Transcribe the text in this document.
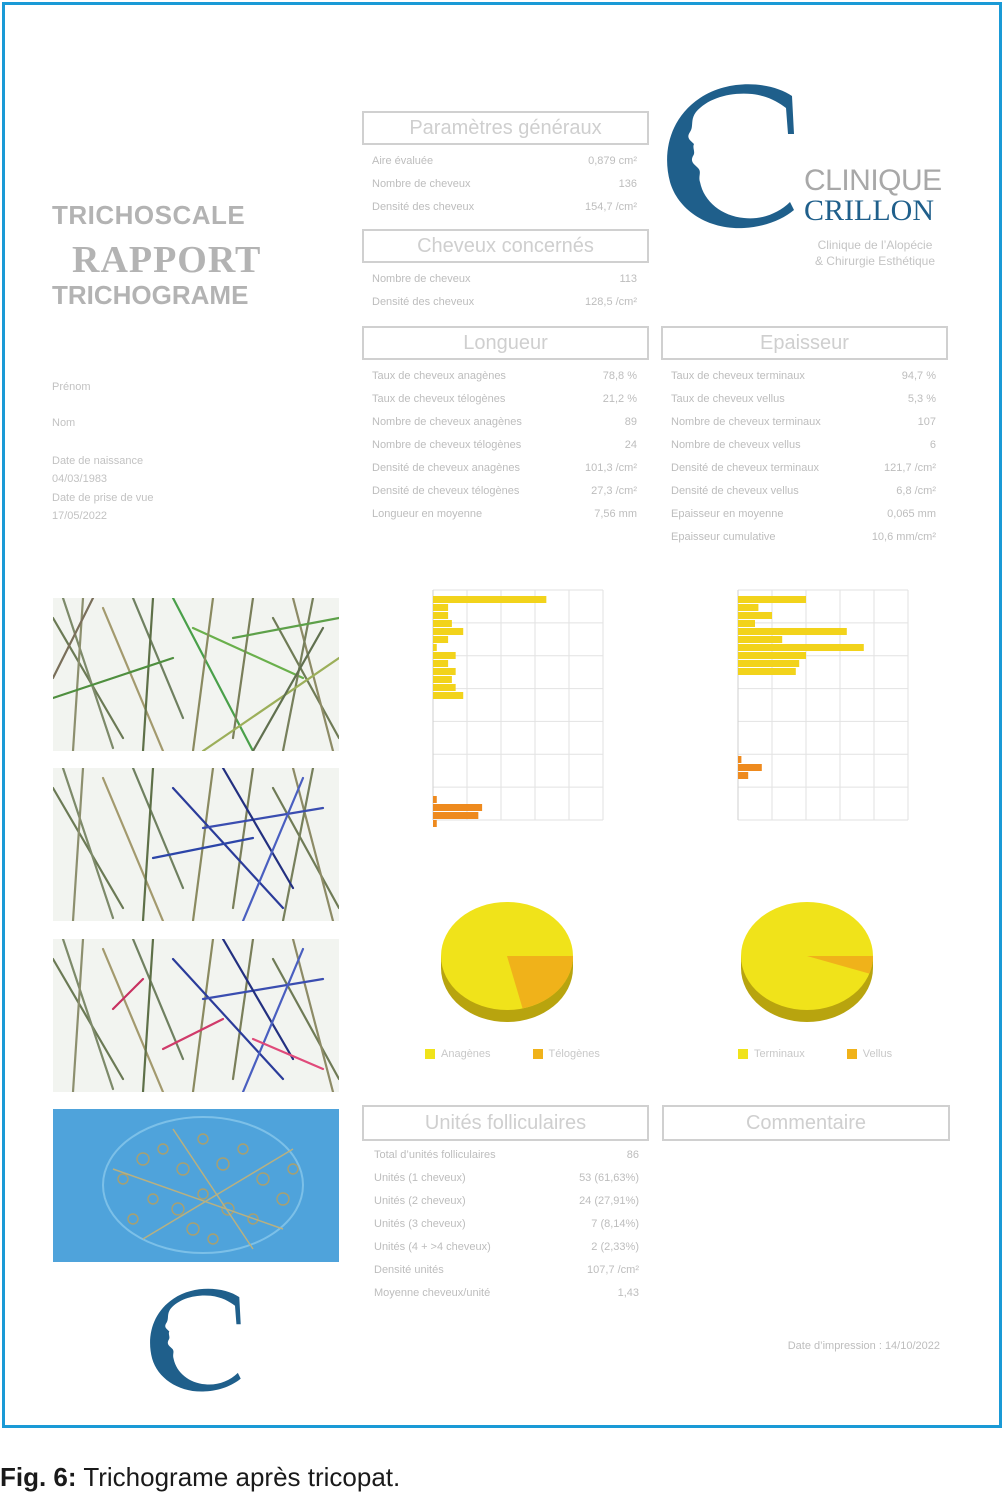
TRICHOSCALE
RAPPORT
TRICHOGRAME
Prénom
Nom
Date de naissance
04/03/1983
Date de prise de vue
17/05/2022
CLINIQUE
CRILLON
Clinique de l’Alopécie
& Chirurgie Esthétique
Paramètres généraux
Aire évaluée	0,879 cm²
Nombre de cheveux	136
Densité des cheveux	154,7 /cm²
Cheveux concernés
Nombre de cheveux	113
Densité des cheveux	128,5 /cm²
Longueur
Taux de cheveux anagènes	78,8 %
Taux de cheveux télogènes	21,2 %
Nombre de cheveux anagènes	89
Nombre de cheveux télogènes	24
Densité de cheveux anagènes	101,3 /cm²
Densité de cheveux télogènes	27,3 /cm²
Longueur en moyenne	7,56 mm
Epaisseur
Taux de cheveux terminaux	94,7 %
Taux de cheveux vellus	5,3 %
Nombre de cheveux terminaux	107
Nombre de cheveux vellus	6
Densité de cheveux terminaux	121,7 /cm²
Densité de cheveux vellus	6,8 /cm²
Epaisseur en moyenne	0,065 mm
Epaisseur cumulative	10,6 mm/cm²
Anagènes	Télogènes	Terminaux	Vellus
Unités folliculaires
Total d’unités folliculaires	86
Unités (1 cheveux)	53 (61,63%)
Unités (2 cheveux)	24 (27,91%)
Unités (3 cheveux)	7 (8,14%)
Unités (4 + >4 cheveux)	2 (2,33%)
Densité unités	107,7 /cm²
Moyenne cheveux/unité	1,43
Commentaire
Date d’impression : 14/10/2022
Fig. 6: Trichograme après tricopat.
